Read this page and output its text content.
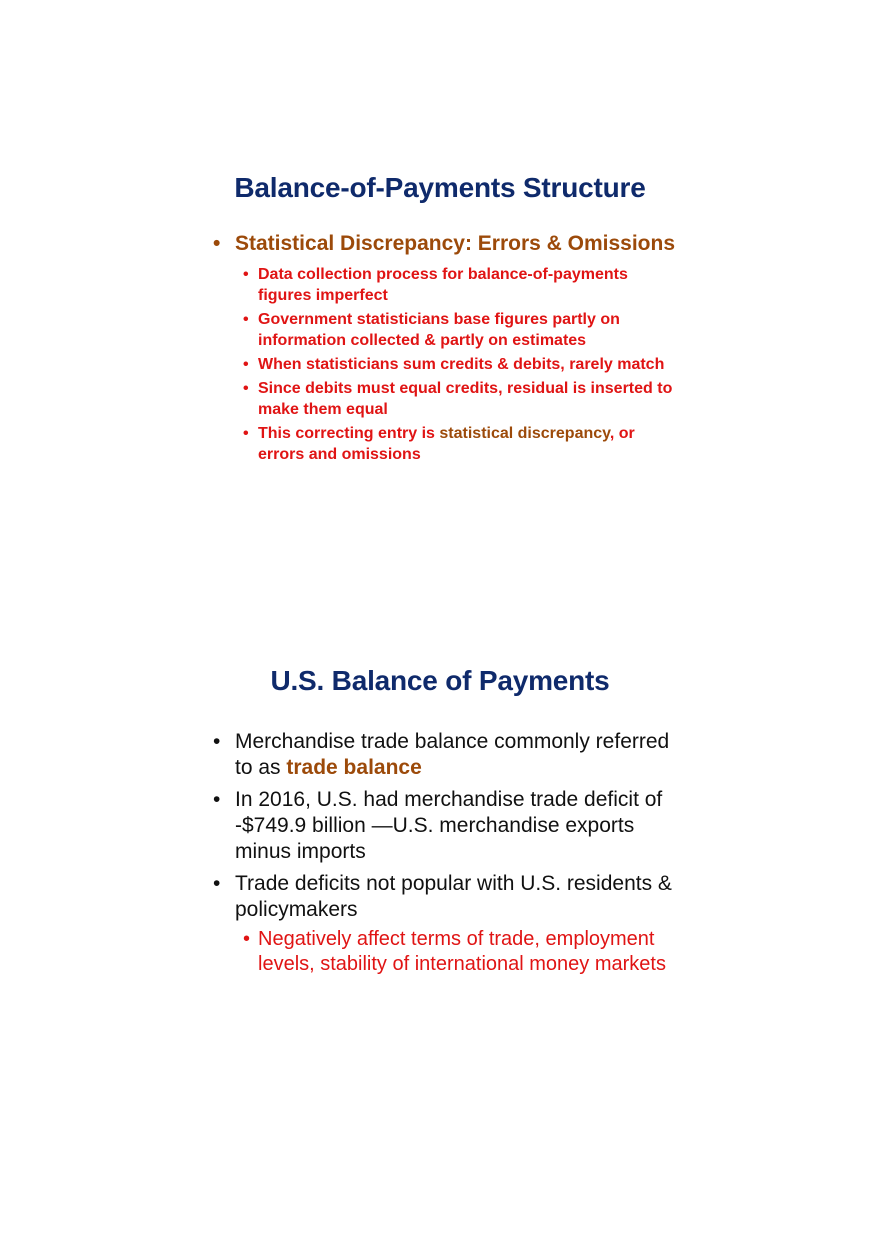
Balance-of-Payments Structure
• Statistical Discrepancy: Errors & Omissions
• Data collection process for balance-of-payments figures imperfect
• Government statisticians base figures partly on information collected & partly on estimates
• When statisticians sum credits & debits, rarely match
• Since debits must equal credits, residual is inserted to make them equal
• This correcting entry is statistical discrepancy, or errors and omissions
U.S. Balance of Payments
• Merchandise trade balance commonly referred to as trade balance
• In 2016, U.S. had merchandise trade deficit of -$749.9 billion —U.S. merchandise exports minus imports
• Trade deficits not popular with U.S. residents & policymakers
• Negatively affect terms of trade, employment levels, stability of international money markets
